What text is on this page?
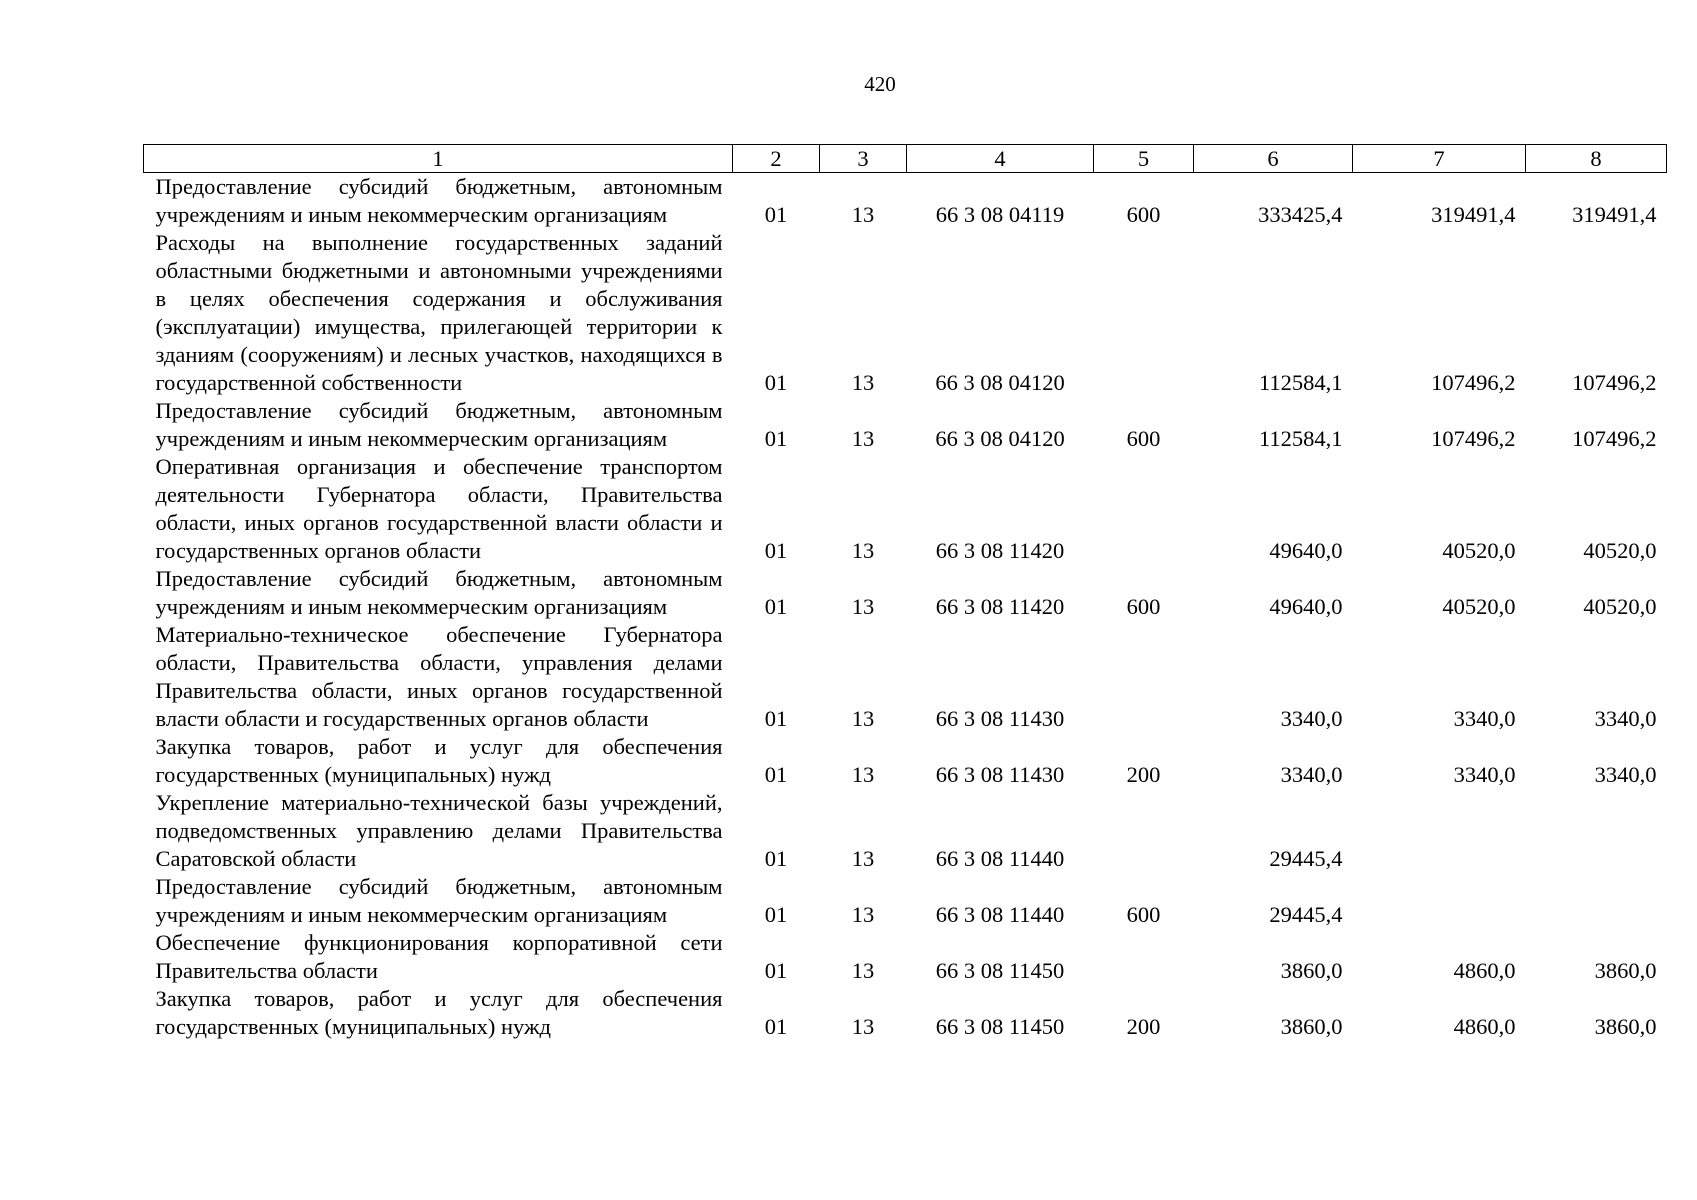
420
1	2	3	4	5	6	7	8
Предоставление субсидий бюджетным, автономным учреждениям и иным некоммерческим организациям	01	13	66 3 08 04119	600	333425,4	319491,4	319491,4
Расходы на выполнение государственных заданий областными бюджетными и автономными учреждениями в целях обеспечения содержания и обслуживания (эксплуатации) имущества, прилегающей территории к зданиям (сооружениям) и лесных участков, находящихся в государственной собственности	01	13	66 3 08 04120		112584,1	107496,2	107496,2
Предоставление субсидий бюджетным, автономным учреждениям и иным некоммерческим организациям	01	13	66 3 08 04120	600	112584,1	107496,2	107496,2
Оперативная организация и обеспечение транспортом деятельности Губернатора области, Правительства области, иных органов государственной власти области и государственных органов области	01	13	66 3 08 11420		49640,0	40520,0	40520,0
Предоставление субсидий бюджетным, автономным учреждениям и иным некоммерческим организациям	01	13	66 3 08 11420	600	49640,0	40520,0	40520,0
Материально-техническое обеспечение Губернатора области, Правительства области, управления делами Правительства области, иных органов государственной власти области и государственных органов области	01	13	66 3 08 11430		3340,0	3340,0	3340,0
Закупка товаров, работ и услуг для обеспечения государственных (муниципальных) нужд	01	13	66 3 08 11430	200	3340,0	3340,0	3340,0
Укрепление материально-технической базы учреждений, подведомственных управлению делами Правительства Саратовской области	01	13	66 3 08 11440		29445,4		
Предоставление субсидий бюджетным, автономным учреждениям и иным некоммерческим организациям	01	13	66 3 08 11440	600	29445,4		
Обеспечение функционирования корпоративной сети Правительства области	01	13	66 3 08 11450		3860,0	4860,0	3860,0
Закупка товаров, работ и услуг для обеспечения государственных (муниципальных) нужд	01	13	66 3 08 11450	200	3860,0	4860,0	3860,0
